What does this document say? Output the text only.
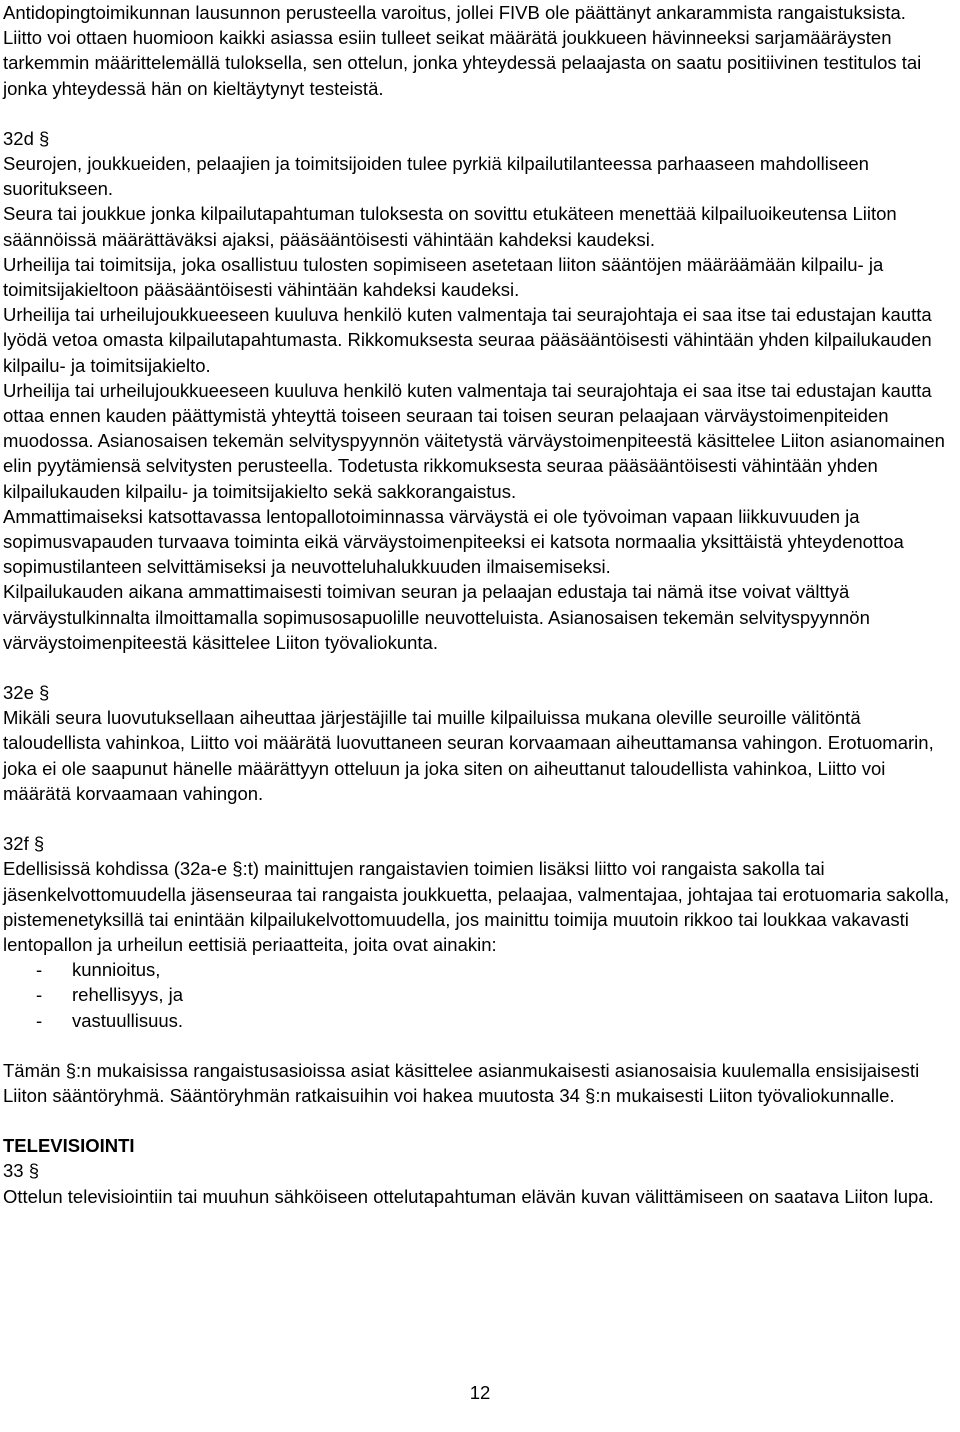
Antidopingtoimikunnan lausunnon perusteella varoitus, jollei FIVB ole päättänyt ankarammista rangaistuksista.

Liitto voi ottaen huomioon kaikki asiassa esiin tulleet seikat määrätä joukkueen hävinneeksi sarjamääräysten tarkemmin määrittelemällä tuloksella, sen ottelun, jonka yhteydessä pelaajasta on saatu positiivinen testitulos tai jonka yhteydessä hän on kieltäytynyt testeistä.

32d §

Seurojen, joukkueiden, pelaajien ja toimitsijoiden tulee pyrkiä kilpailutilanteessa parhaaseen mahdolliseen suoritukseen.

Seura tai joukkue jonka kilpailutapahtuman tuloksesta on sovittu etukäteen menettää kilpailuoikeutensa Liiton säännöissä määrättäväksi ajaksi, pääsääntöisesti vähintään kahdeksi kaudeksi.

Urheilija tai toimitsija, joka osallistuu tulosten sopimiseen asetetaan liiton sääntöjen määräämään kilpailu- ja toimitsijakieltoon pääsääntöisesti vähintään kahdeksi kaudeksi.

Urheilija tai urheilujoukkueeseen kuuluva henkilö kuten valmentaja tai seurajohtaja ei saa itse tai edustajan kautta lyödä vetoa omasta kilpailutapahtumasta. Rikkomuksesta seuraa pääsääntöisesti vähintään yhden kilpailukauden kilpailu- ja toimitsijakielto.

Urheilija tai urheilujoukkueeseen kuuluva henkilö kuten valmentaja tai seurajohtaja ei saa itse tai edustajan kautta ottaa ennen kauden päättymistä yhteyttä toiseen seuraan tai toisen seuran pelaajaan värväystoimenpiteiden muodossa. Asianosaisen tekemän selvityspyynnön väitetystä värväystoimenpiteestä käsittelee Liiton asianomainen elin pyytämiensä selvitysten perusteella. Todetusta rikkomuksesta seuraa pääsääntöisesti vähintään yhden kilpailukauden kilpailu- ja toimitsijakielto sekä sakkorangaistus.

Ammattimaiseksi katsottavassa lentopallotoiminnassa värväystä ei ole työvoiman vapaan liikkuvuuden ja sopimusvapauden turvaava toiminta eikä värväystoimenpiteeksi ei katsota normaalia yksittäistä yhteydenottoa sopimustilanteen selvittämiseksi ja neuvotteluhalukkuuden ilmaisemiseksi.

Kilpailukauden aikana ammattimaisesti toimivan seuran ja pelaajan edustaja tai nämä itse voivat välttyä värväystulkinnalta ilmoittamalla sopimusosapuolille neuvotteluista. Asianosaisen tekemän selvityspyynnön värväystoimenpiteestä käsittelee Liiton työvaliokunta.

32e §

Mikäli seura luovutuksellaan aiheuttaa järjestäjille tai muille kilpailuissa mukana oleville seuroille välitöntä taloudellista vahinkoa, Liitto voi määrätä luovuttaneen seuran korvaamaan aiheuttamansa vahingon. Erotuomarin, joka ei ole saapunut hänelle määrättyyn otteluun ja joka siten on aiheuttanut taloudellista vahinkoa, Liitto voi määrätä korvaamaan vahingon.

32f §

Edellisissä kohdissa (32a-e §:t) mainittujen rangaistavien toimien lisäksi liitto voi rangaista sakolla tai jäsenkelvottomuudella jäsenseuraa tai rangaista joukkuetta, pelaajaa, valmentajaa, johtajaa tai erotuomaria sakolla, pistemenetyksillä tai enintään kilpailukelvottomuudella, jos mainittu toimija muutoin rikkoo tai loukkaa vakavasti lentopallon ja urheilun eettisiä periaatteita, joita ovat ainakin:

- kunnioitus,
- rehellisyys, ja
- vastuullisuus.

Tämän §:n mukaisissa rangaistusasioissa asiat käsittelee asianmukaisesti asianosaisia kuulemalla ensisijaisesti Liiton sääntöryhmä. Sääntöryhmän ratkaisuihin voi hakea muutosta 34 §:n mukaisesti Liiton työvaliokunnalle.

TELEVISIOINTI

33 §

Ottelun televisiointiin tai muuhun sähköiseen ottelutapahtuman elävän kuvan välittämiseen on saatava Liiton lupa.

12
